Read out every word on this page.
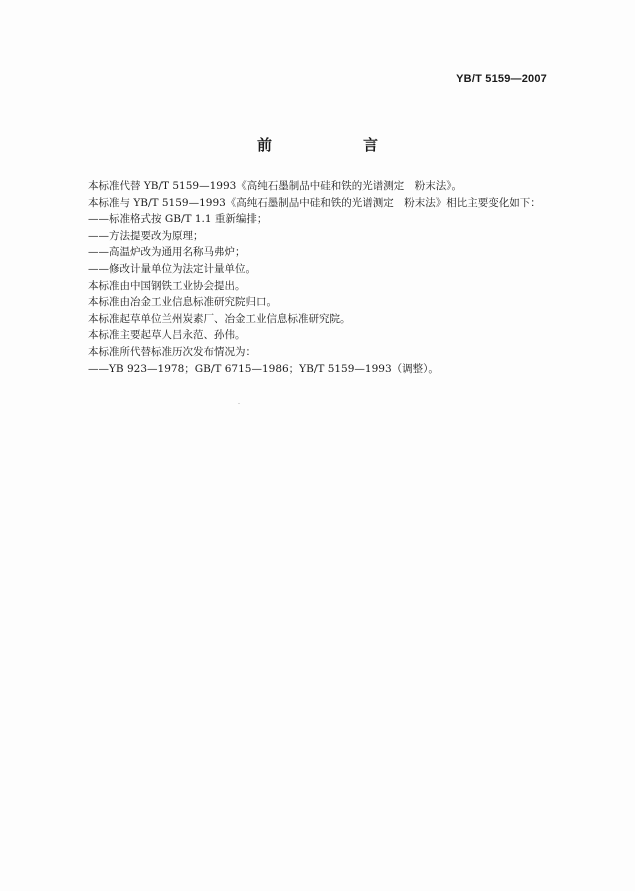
YB/T 5159—2007
前　言

本标准代替 YB/T 5159—1993《高纯石墨制品中硅和铁的光谱测定　粉末法》。

本标准与 YB/T 5159—1993《高纯石墨制品中硅和铁的光谱测定　粉末法》相比主要变化如下：

——标准格式按 GB/T 1.1 重新编排；

——方法提要改为原理；

——高温炉改为通用名称马弗炉；

——修改计量单位为法定计量单位。

本标准由中国钢铁工业协会提出。

本标准由冶金工业信息标准研究院归口。

本标准起草单位兰州炭素厂、冶金工业信息标准研究院。

本标准主要起草人吕永范、孙伟。

本标准所代替标准历次发布情况为：

——YB 923—1978；GB/T 6715—1986；YB/T 5159—1993（调整）。
